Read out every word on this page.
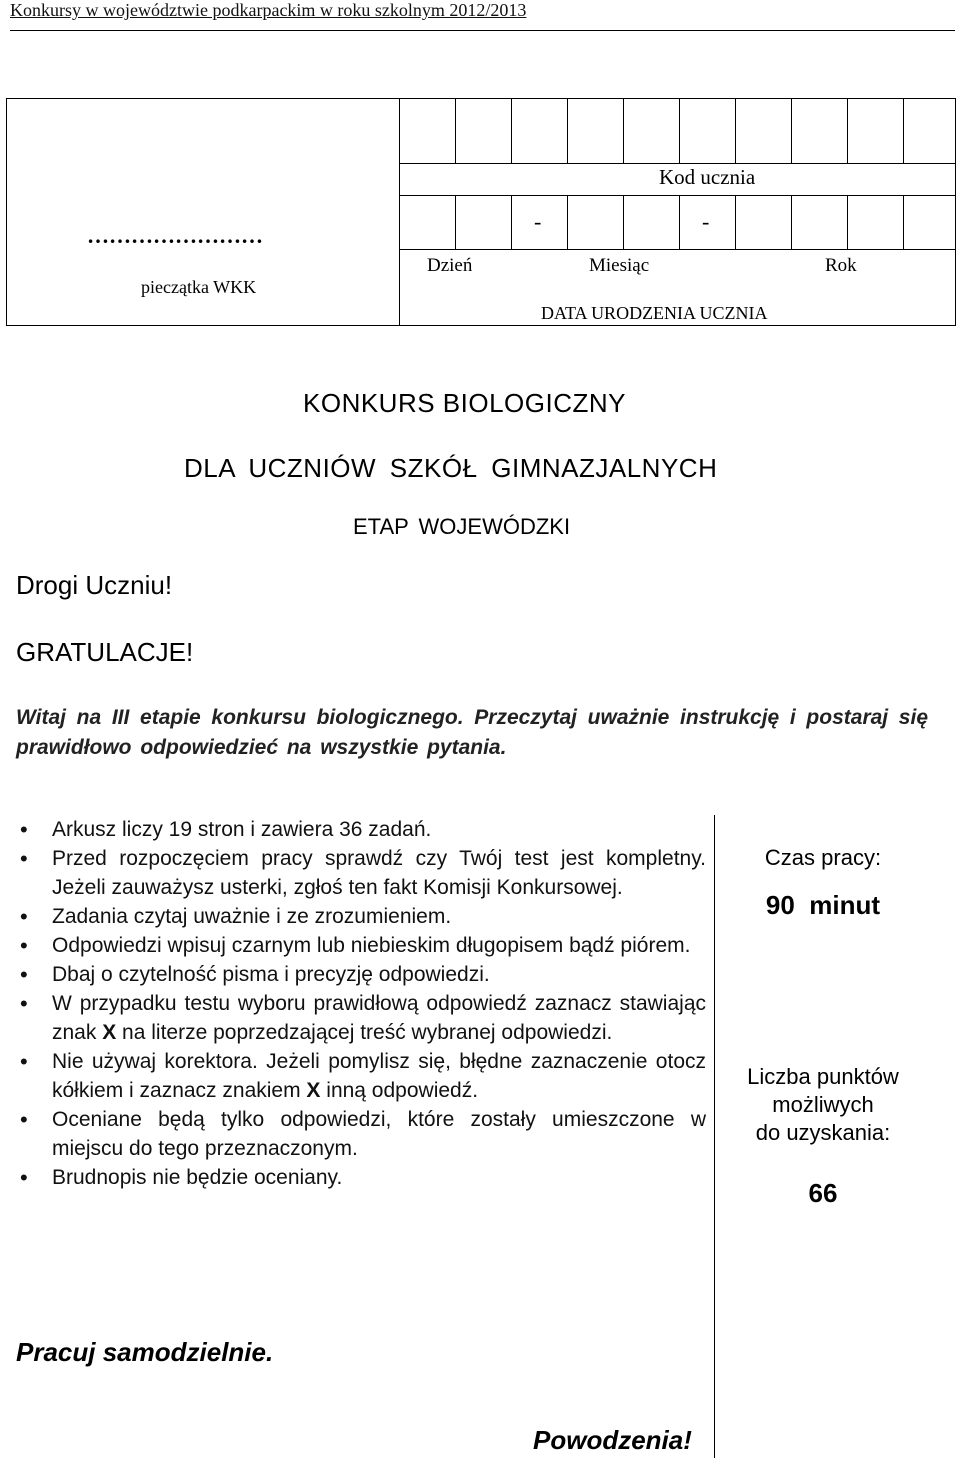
Konkursy w województwie podkarpackim w roku szkolnym 2012/2013
……………………
pieczątka WKK
Kod ucznia
-	-
Dzień	Miesiąc	Rok
DATA URODZENIA UCZNIA
KONKURS BIOLOGICZNY
DLA UCZNIÓW SZKÓŁ GIMNAZJALNYCH
ETAP WOJEWÓDZKI
Drogi Uczniu!
GRATULACJE!
Witaj na III etapie konkursu biologicznego. Przeczytaj uważnie instrukcję i postaraj się prawidłowo odpowiedzieć na wszystkie pytania.
• Arkusz liczy 19 stron i zawiera 36 zadań.
• Przed rozpoczęciem pracy sprawdź czy Twój test jest kompletny. Jeżeli zauważysz usterki, zgłoś ten fakt Komisji Konkursowej.
• Zadania czytaj uważnie i ze zrozumieniem.
• Odpowiedzi wpisuj czarnym lub niebieskim długopisem bądź piórem.
• Dbaj o czytelność pisma i precyzję odpowiedzi.
• W przypadku testu wyboru prawidłową odpowiedź zaznacz stawiając znak X na literze poprzedzającej treść wybranej odpowiedzi.
• Nie używaj korektora. Jeżeli pomylisz się, błędne zaznaczenie otocz kółkiem i zaznacz znakiem X inną odpowiedź.
• Oceniane będą tylko odpowiedzi, które zostały umieszczone w miejscu do tego przeznaczonym.
• Brudnopis nie będzie oceniany.
Czas pracy:
90  minut
Liczba punktów
możliwych
do uzyskania:
66
Pracuj samodzielnie.
Powodzenia!
